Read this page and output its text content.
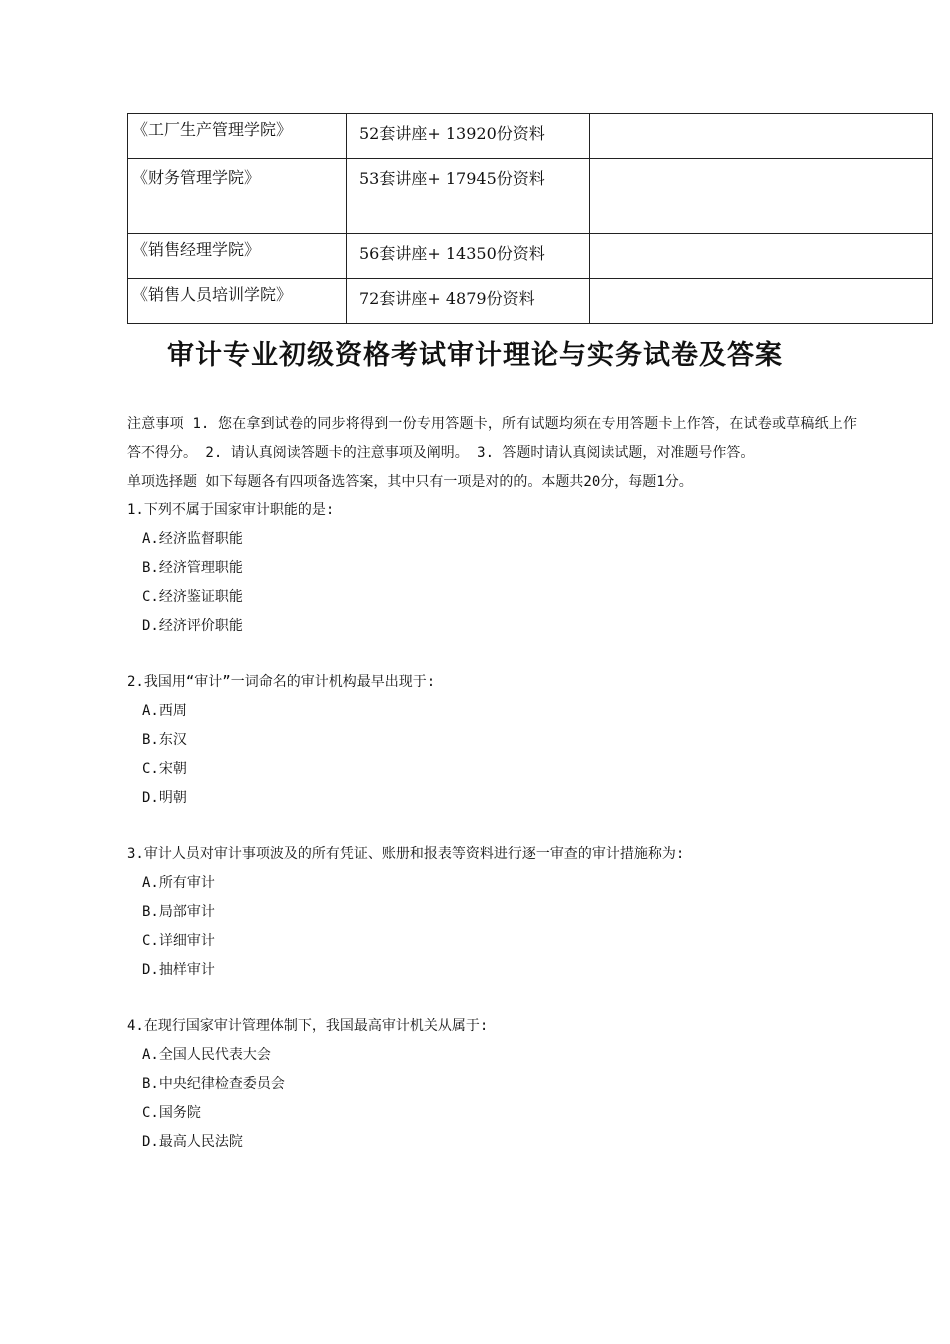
《工厂生产管理学院》	52套讲座+ 13920份资料	

《财务管理学院》	53套讲座+ 17945份资料	

《销售经理学院》	56套讲座+ 14350份资料	

《销售人员培训学院》	72套讲座+ 4879份资料	

审计专业初级资格考试审计理论与实务试卷及答案

注意事项 1. 您在拿到试卷的同步将得到一份专用答题卡，所有试题均须在专用答题卡上作答，在试卷或草稿纸上作答不得分。 2. 请认真阅读答题卡的注意事项及阐明。 3. 答题时请认真阅读试题，对准题号作答。

单项选择题 如下每题各有四项备选答案，其中只有一项是对的的。本题共20分，每题1分。

1.下列不属于国家审计职能的是:

A.经济监督职能

B.经济管理职能

C.经济鉴证职能

D.经济评价职能

2.我国用“审计”一词命名的审计机构最早出现于:

A.西周

B.东汉

C.宋朝

D.明朝

3.审计人员对审计事项波及的所有凭证、账册和报表等资料进行逐一审查的审计措施称为:

A.所有审计

B.局部审计

C.详细审计

D.抽样审计

4.在现行国家审计管理体制下，我国最高审计机关从属于:

A.全国人民代表大会

B.中央纪律检查委员会

C.国务院

D.最高人民法院
